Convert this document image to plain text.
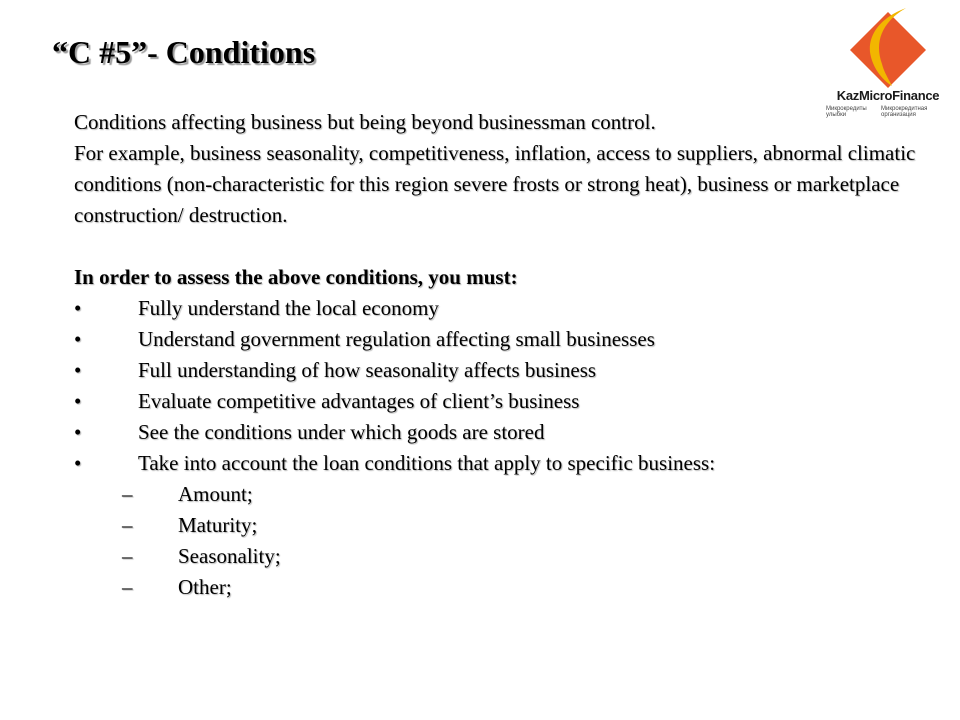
“C #5”- Conditions
KazMicroFinance
Микрокредиты улыбки
Микрокредитная организация

Conditions affecting business but being beyond businessman control.

For example, business seasonality, competitiveness, inflation, access to suppliers, abnormal climatic conditions (non-characteristic for this region severe frosts or strong heat), business or marketplace construction/ destruction.

In order to assess the above conditions, you must:

•	Fully understand the local economy
•	Understand government regulation affecting small businesses
•	Full understanding of how seasonality affects business
•	Evaluate competitive advantages of client’s business
•	See the conditions under which goods are stored
•	Take into account the loan conditions that apply to specific business:
– Amount;
– Maturity;
– Seasonality;
– Other;
